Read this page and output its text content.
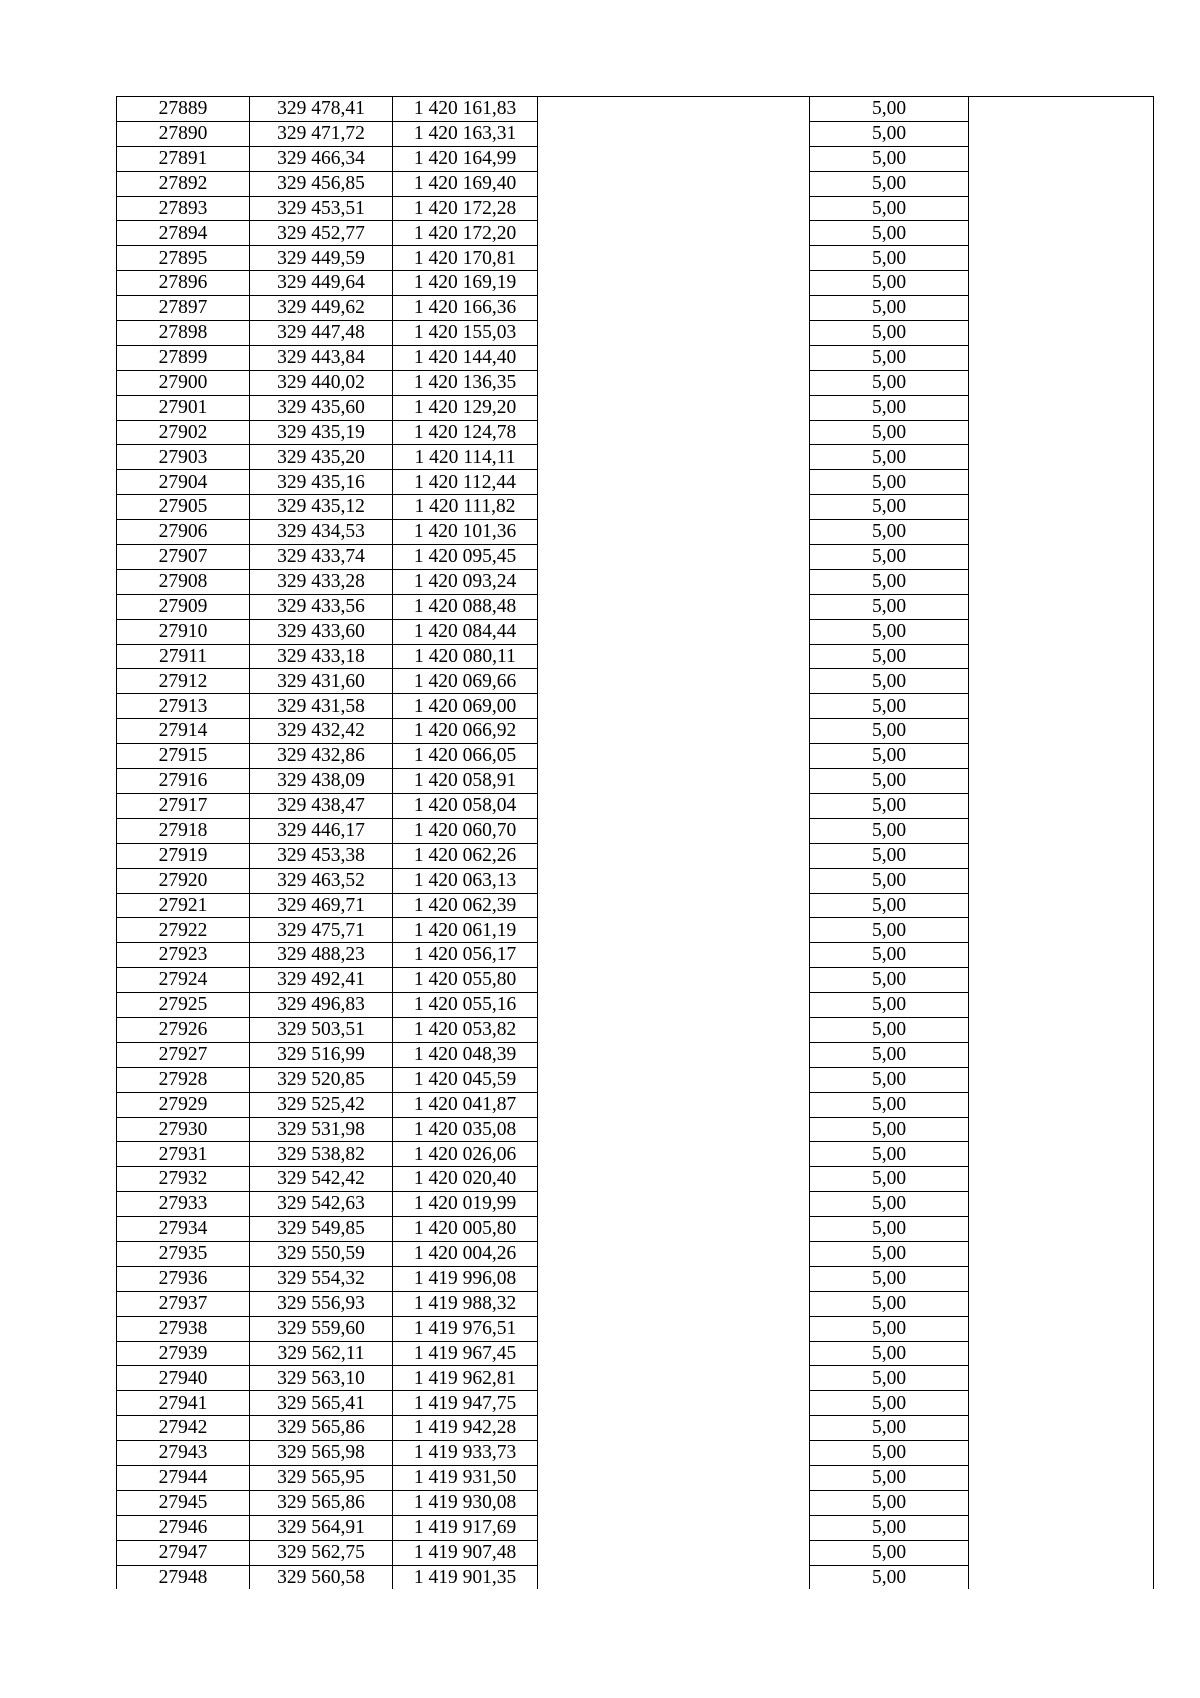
27889	329 478,41	1 420 161,83		5,00	
27890	329 471,72	1 420 163,31		5,00	
27891	329 466,34	1 420 164,99		5,00	
27892	329 456,85	1 420 169,40		5,00	
27893	329 453,51	1 420 172,28		5,00	
27894	329 452,77	1 420 172,20		5,00	
27895	329 449,59	1 420 170,81		5,00	
27896	329 449,64	1 420 169,19		5,00	
27897	329 449,62	1 420 166,36		5,00	
27898	329 447,48	1 420 155,03		5,00	
27899	329 443,84	1 420 144,40		5,00	
27900	329 440,02	1 420 136,35		5,00	
27901	329 435,60	1 420 129,20		5,00	
27902	329 435,19	1 420 124,78		5,00	
27903	329 435,20	1 420 114,11		5,00	
27904	329 435,16	1 420 112,44		5,00	
27905	329 435,12	1 420 111,82		5,00	
27906	329 434,53	1 420 101,36		5,00	
27907	329 433,74	1 420 095,45		5,00	
27908	329 433,28	1 420 093,24		5,00	
27909	329 433,56	1 420 088,48		5,00	
27910	329 433,60	1 420 084,44		5,00	
27911	329 433,18	1 420 080,11		5,00	
27912	329 431,60	1 420 069,66		5,00	
27913	329 431,58	1 420 069,00		5,00	
27914	329 432,42	1 420 066,92		5,00	
27915	329 432,86	1 420 066,05		5,00	
27916	329 438,09	1 420 058,91		5,00	
27917	329 438,47	1 420 058,04		5,00	
27918	329 446,17	1 420 060,70		5,00	
27919	329 453,38	1 420 062,26		5,00	
27920	329 463,52	1 420 063,13		5,00	
27921	329 469,71	1 420 062,39		5,00	
27922	329 475,71	1 420 061,19		5,00	
27923	329 488,23	1 420 056,17		5,00	
27924	329 492,41	1 420 055,80		5,00	
27925	329 496,83	1 420 055,16		5,00	
27926	329 503,51	1 420 053,82		5,00	
27927	329 516,99	1 420 048,39		5,00	
27928	329 520,85	1 420 045,59		5,00	
27929	329 525,42	1 420 041,87		5,00	
27930	329 531,98	1 420 035,08		5,00	
27931	329 538,82	1 420 026,06		5,00	
27932	329 542,42	1 420 020,40		5,00	
27933	329 542,63	1 420 019,99		5,00	
27934	329 549,85	1 420 005,80		5,00	
27935	329 550,59	1 420 004,26		5,00	
27936	329 554,32	1 419 996,08		5,00	
27937	329 556,93	1 419 988,32		5,00	
27938	329 559,60	1 419 976,51		5,00	
27939	329 562,11	1 419 967,45		5,00	
27940	329 563,10	1 419 962,81		5,00	
27941	329 565,41	1 419 947,75		5,00	
27942	329 565,86	1 419 942,28		5,00	
27943	329 565,98	1 419 933,73		5,00	
27944	329 565,95	1 419 931,50		5,00	
27945	329 565,86	1 419 930,08		5,00	
27946	329 564,91	1 419 917,69		5,00	
27947	329 562,75	1 419 907,48		5,00	
27948	329 560,58	1 419 901,35		5,00	
